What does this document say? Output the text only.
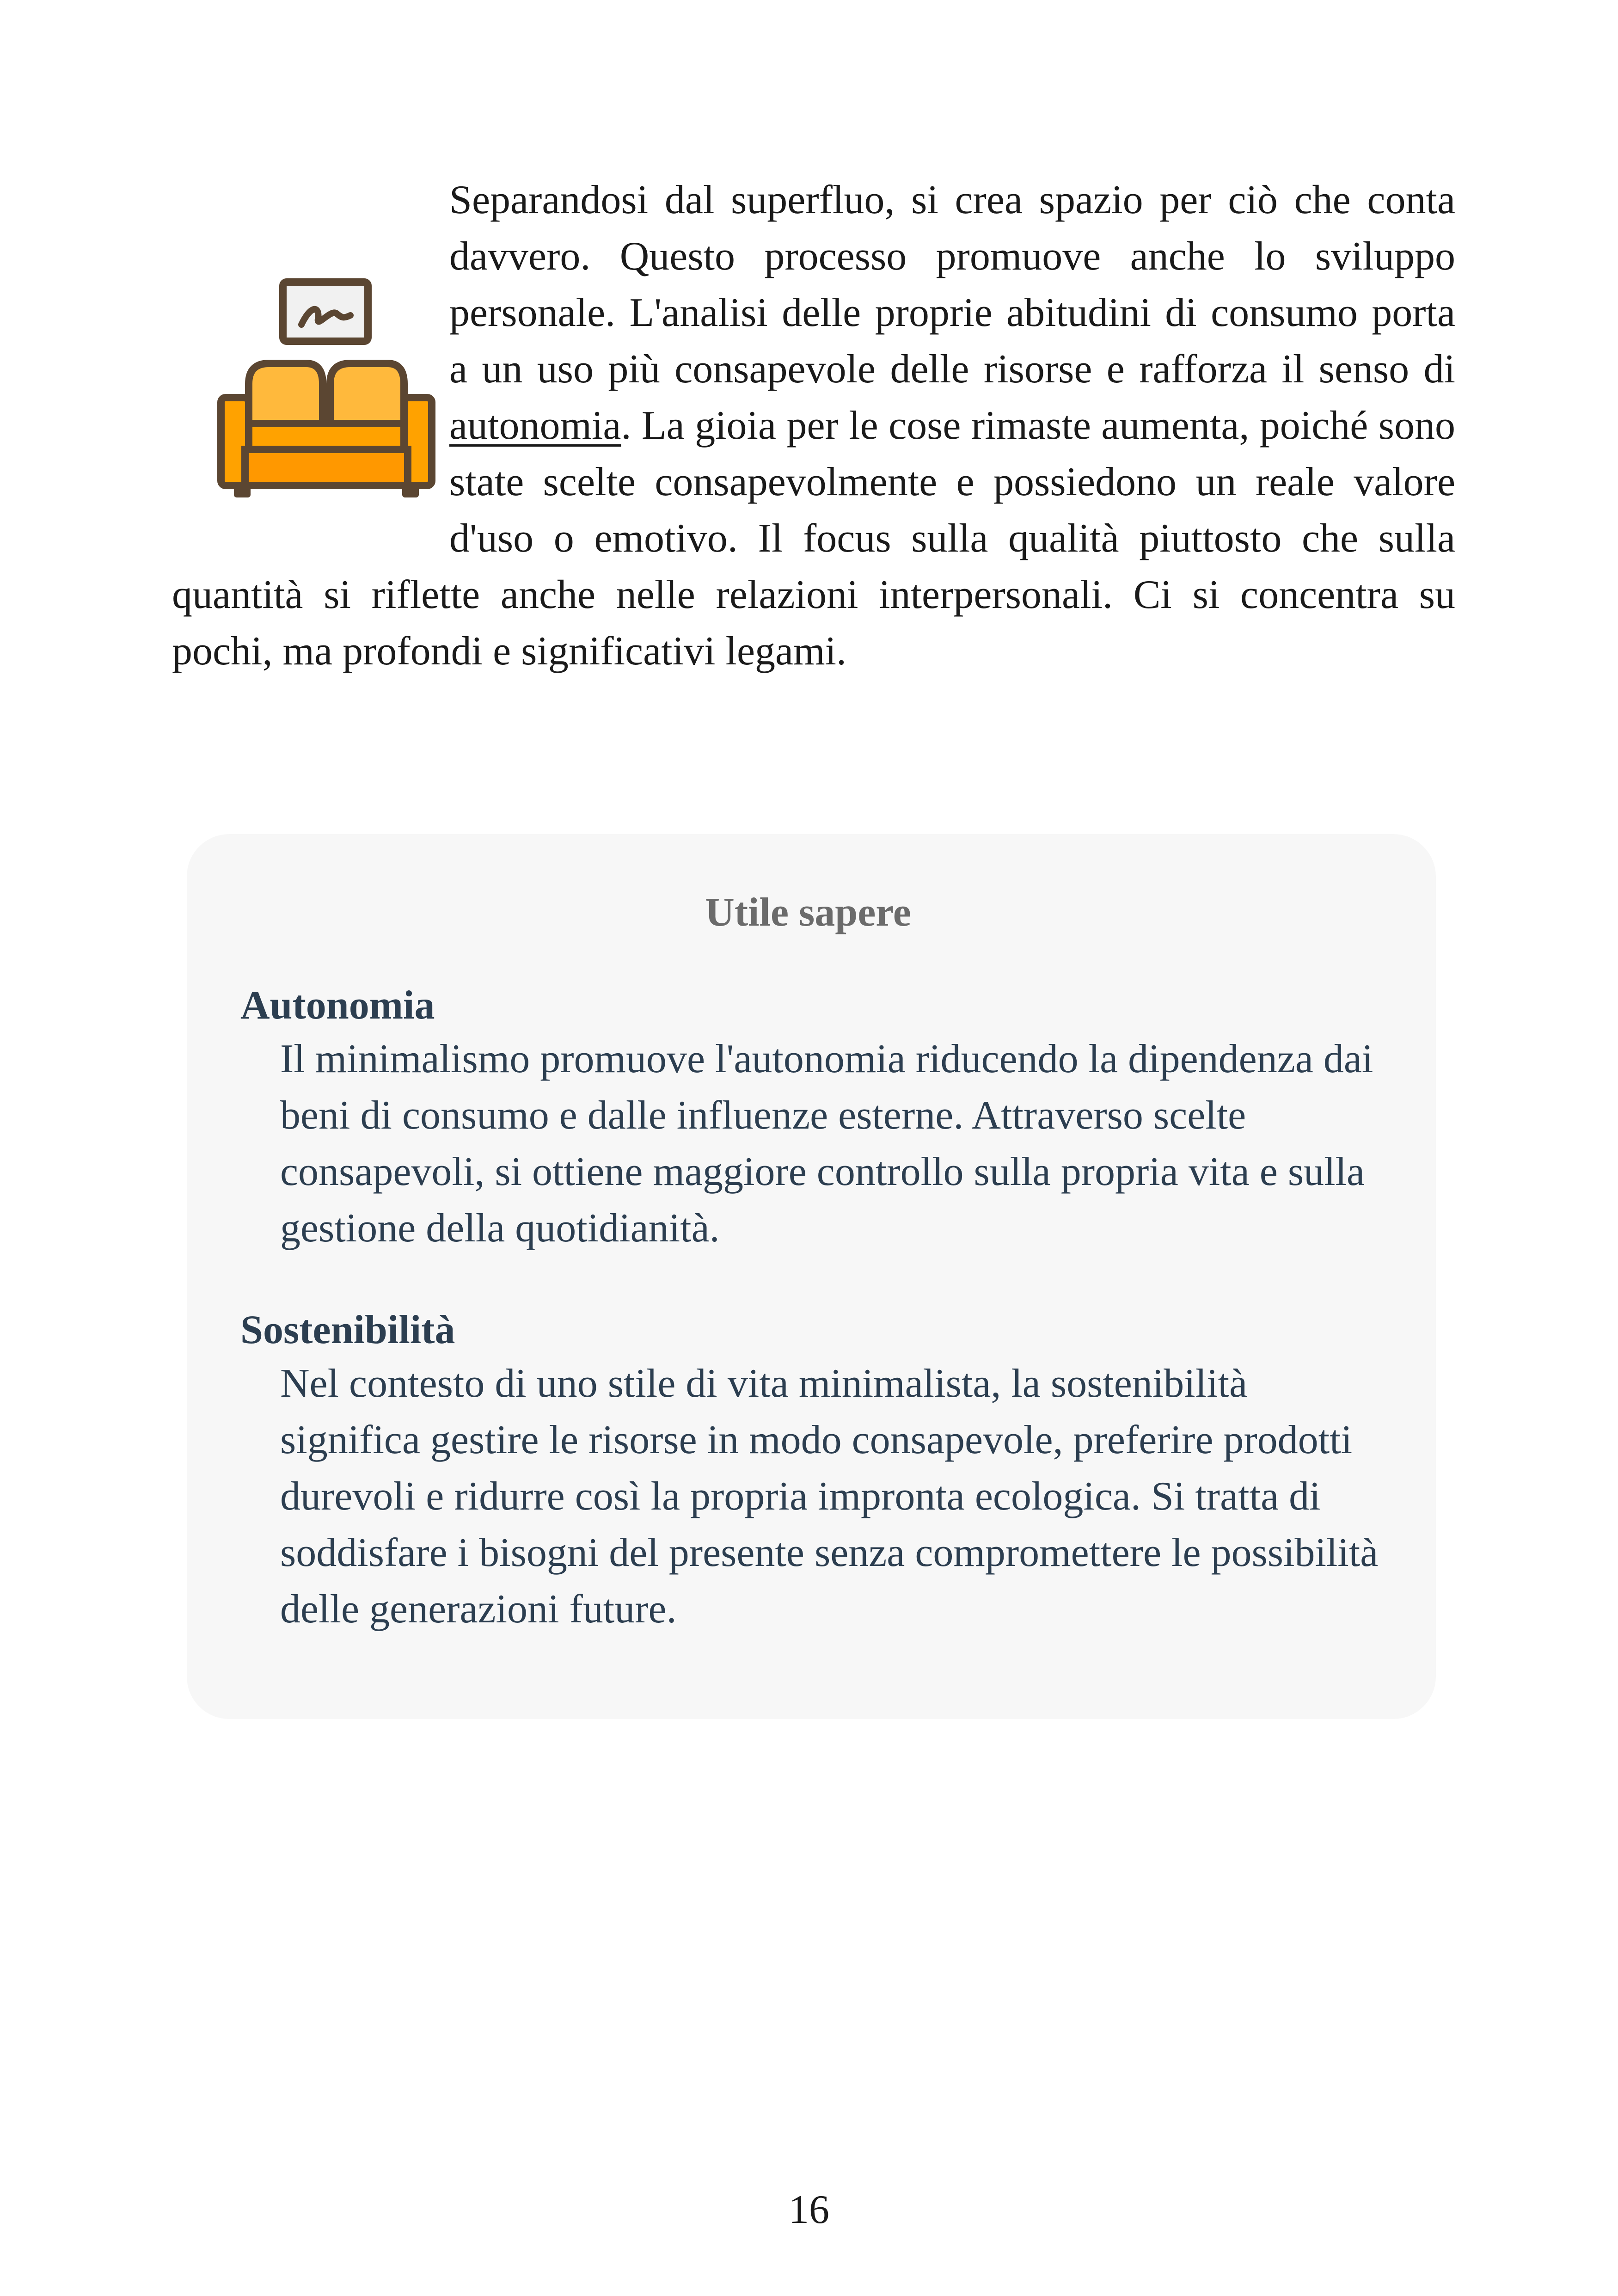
Separandosi dal superfluo, si crea spazio per ciò che conta davvero. Questo processo promuove anche lo sviluppo personale. L'analisi delle proprie abitudini di consumo porta a un uso più consapevole delle risorse e rafforza il senso di autonomia. La gioia per le cose rimaste aumenta, poiché sono state scelte consapevolmente e possiedono un reale valore d'uso o emotivo. Il focus sulla qualità piuttosto che sulla quantità si riflette anche nelle relazioni interpersonali. Ci si concentra su pochi, ma profondi e significativi legami.

Utile sapere

Autonomia

Il minimalismo promuove l'autonomia riducendo la dipendenza dai beni di consumo e dalle influenze esterne. Attraverso scelte consapevoli, si ottiene maggiore controllo sulla propria vita e sulla gestione della quotidianità.

Sostenibilità

Nel contesto di uno stile di vita minimalista, la sostenibilità significa gestire le risorse in modo consapevole, preferire prodotti durevoli e ridurre così la propria impronta ecologica. Si tratta di soddisfare i bisogni del presente senza compromettere le possibilità delle generazioni future.

16
